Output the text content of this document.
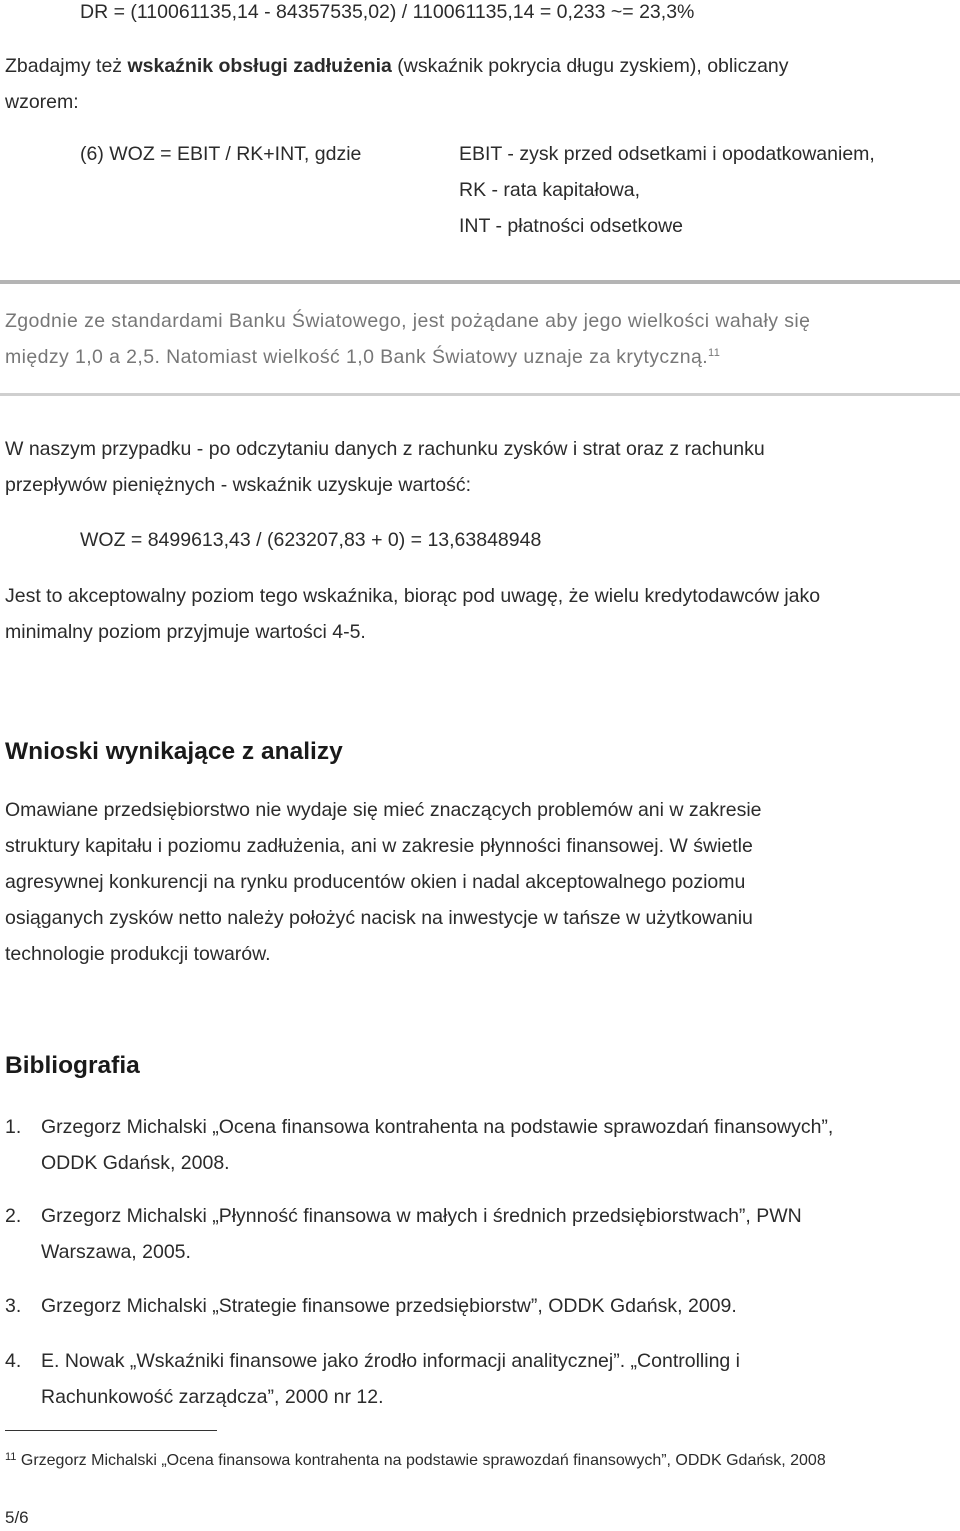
DR = (110061135,14 - 84357535,02) / 110061135,14 = 0,233 ~= 23,3%
Zbadajmy też wskaźnik obsługi zadłużenia (wskaźnik pokrycia długu zyskiem), obliczany
wzorem:
(6) WOZ = EBIT / RK+INT, gdzie	EBIT - zysk przed odsetkami i opodatkowaniem,
RK - rata kapitałowa,
INT - płatności odsetkowe
Zgodnie ze standardami Banku Światowego, jest pożądane aby jego wielkości wahały się
między 1,0 a 2,5. Natomiast wielkość 1,0 Bank Światowy uznaje za krytyczną.$^{11}$
W naszym przypadku - po odczytaniu danych z rachunku zysków i strat oraz z rachunku
przepływów pieniężnych - wskaźnik uzyskuje wartość:
WOZ = 8499613,43 / (623207,83 + 0) = 13,63848948
Jest to akceptowalny poziom tego wskaźnika, biorąc pod uwagę, że wielu kredytodawców jako
minimalny poziom przyjmuje wartości 4-5.
Wnioski wynikające z analizy
Omawiane przedsiębiorstwo nie wydaje się mieć znaczących problemów ani w zakresie
struktury kapitału i poziomu zadłużenia, ani w zakresie płynności finansowej. W świetle
agresywnej konkurencji na rynku producentów okien i nadal akceptowalnego poziomu
osiąganych zysków netto należy położyć nacisk na inwestycje w tańsze w użytkowaniu
technologie produkcji towarów.
Bibliografia
1. Grzegorz Michalski „Ocena finansowa kontrahenta na podstawie sprawozdań finansowych”,
ODDK Gdańsk, 2008.
2. Grzegorz Michalski „Płynność finansowa w małych i średnich przedsiębiorstwach”, PWN
Warszawa, 2005.
3. Grzegorz Michalski „Strategie finansowe przedsiębiorstw”, ODDK Gdańsk, 2009.
4. E. Nowak „Wskaźniki finansowe jako źrodło informacji analitycznej”. „Controlling i
Rachunkowość zarządcza”, 2000 nr 12.
$^{11}$ Grzegorz Michalski „Ocena finansowa kontrahenta na podstawie sprawozdań finansowych”, ODDK Gdańsk, 2008
5/6
